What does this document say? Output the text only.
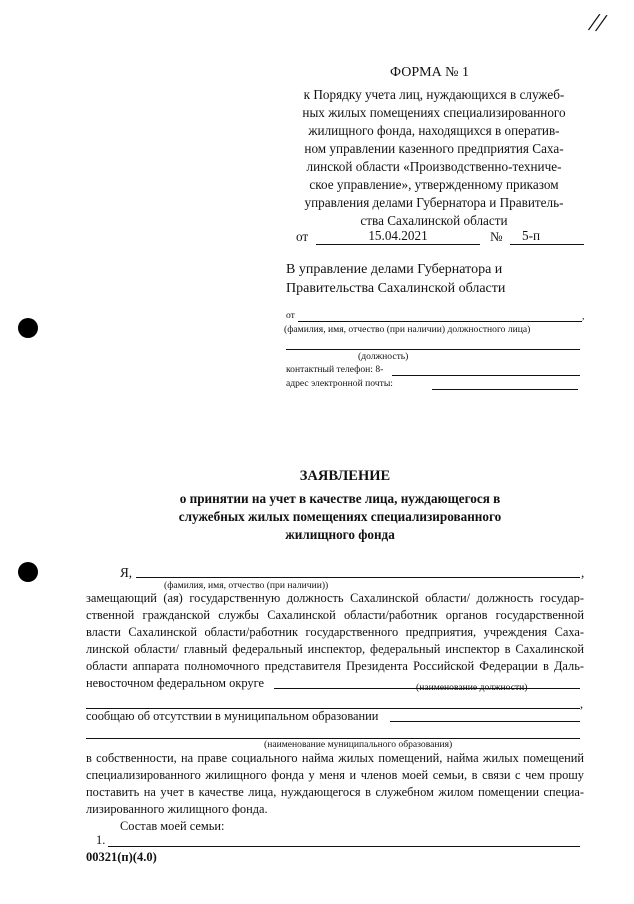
//
ФОРМА № 1
к Порядку учета лиц, нуждающихся в служеб-
ных жилых помещениях специализированного
жилищного фонда, находящихся в оператив-
ном управлении казенного предприятия Саха-
линской области «Производственно-техниче-
ское управление», утвержденному приказом
управления делами Губернатора и Правитель-
ства Сахалинской области
от	15.04.2021	№ 5-п
В управление делами Губернатора и
Правительства Сахалинской области
от	,
(фамилия, имя, отчество (при наличии) должностного лица)
(должность)
контактный телефон: 8-
адрес электронной почты:
ЗАЯВЛЕНИЕ
о принятии на учет в качестве лица, нуждающегося в
служебных жилых помещениях специализированного
жилищного фонда
Я,	,
(фамилия, имя, отчество (при наличии))
замещающий (ая) государственную должность Сахалинской области/ должность государ-
ственной гражданской службы Сахалинской области/работник органов государственной
власти Сахалинской области/работник государственного предприятия, учреждения Саха-
линской области/ главный федеральный инспектор, федеральный инспектор в Сахалинской
области аппарата полномочного представителя Президента Российской Федерации в Даль-
невосточном федеральном округе	(наименование должности)
,
сообщаю об отсутствии в муниципальном образовании
(наименование муниципального образования)
в собственности, на праве социального найма жилых помещений, найма жилых помещений
специализированного жилищного фонда у меня и членов моей семьи, в связи с чем прошу
поставить на учет в качестве лица, нуждающегося в служебном жилом помещении специа-
лизированного жилищного фонда.
Состав моей семьи:
1.
00321(п)(4.0)
